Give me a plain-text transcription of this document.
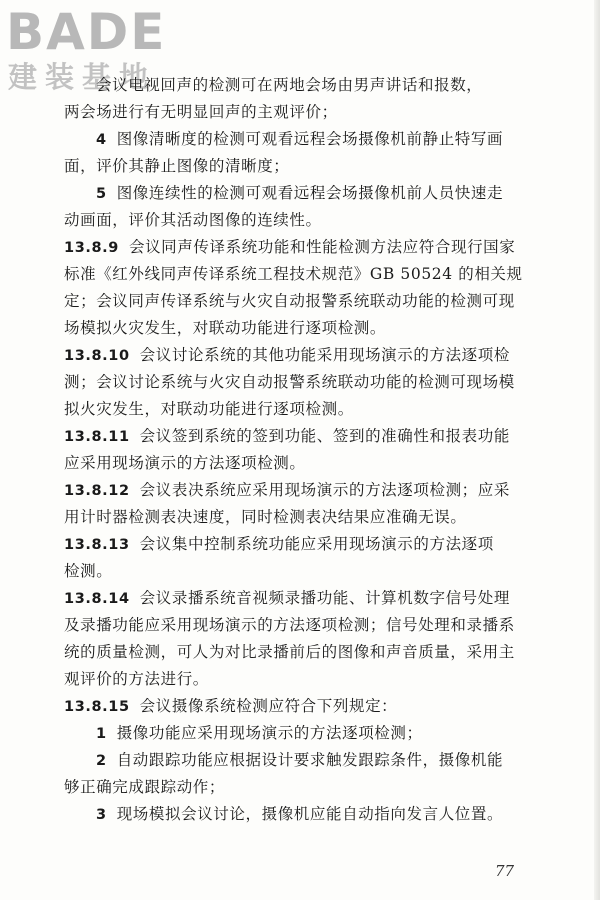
BADE
建装基地
会议电视回声的检测可在两地会场由男声讲话和报数，
两会场进行有无明显回声的主观评价；
4 图像清晰度的检测可观看远程会场摄像机前静止特写画
面，评价其静止图像的清晰度；
5 图像连续性的检测可观看远程会场摄像机前人员快速走
动画面，评价其活动图像的连续性。
13.8.9 会议同声传译系统功能和性能检测方法应符合现行国家
标准《红外线同声传译系统工程技术规范》GB 50524 的相关规
定；会议同声传译系统与火灾自动报警系统联动功能的检测可现
场模拟火灾发生，对联动功能进行逐项检测。
13.8.10 会议讨论系统的其他功能采用现场演示的方法逐项检
测；会议讨论系统与火灾自动报警系统联动功能的检测可现场模
拟火灾发生，对联动功能进行逐项检测。
13.8.11 会议签到系统的签到功能、签到的准确性和报表功能
应采用现场演示的方法逐项检测。
13.8.12 会议表决系统应采用现场演示的方法逐项检测；应采
用计时器检测表决速度，同时检测表决结果应准确无误。
13.8.13 会议集中控制系统功能应采用现场演示的方法逐项
检测。
13.8.14 会议录播系统音视频录播功能、计算机数字信号处理
及录播功能应采用现场演示的方法逐项检测；信号处理和录播系
统的质量检测，可人为对比录播前后的图像和声音质量，采用主
观评价的方法进行。
13.8.15 会议摄像系统检测应符合下列规定：
1 摄像功能应采用现场演示的方法逐项检测；
2 自动跟踪功能应根据设计要求触发跟踪条件，摄像机能
够正确完成跟踪动作；
3 现场模拟会议讨论，摄像机应能自动指向发言人位置。
77
